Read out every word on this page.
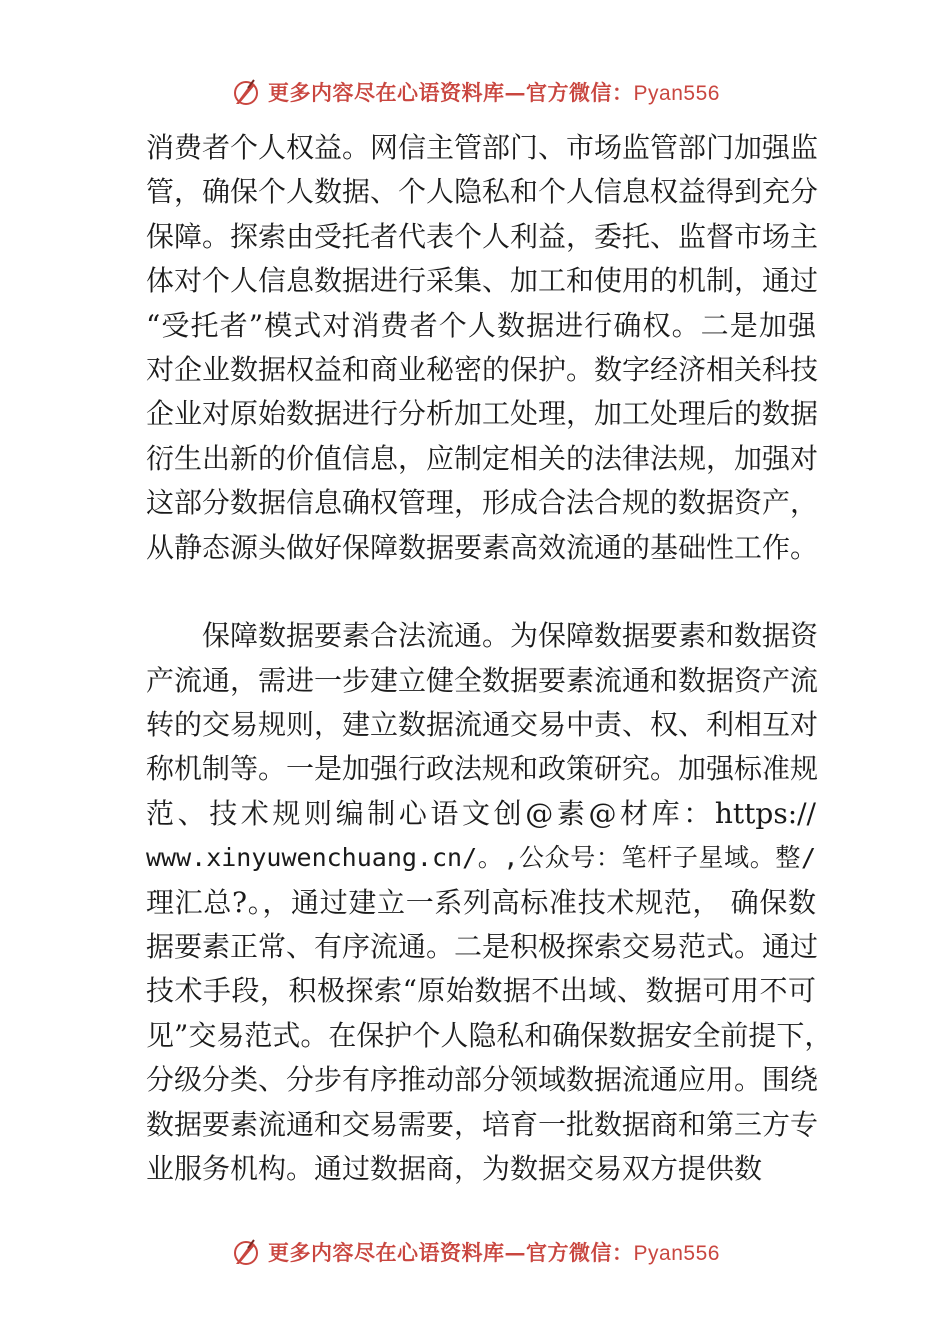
更多内容尽在心语资料库—官方微信：Pyan556
消费者个人权益。网信主管部门、市场监管部门加强监
管，确保个人数据、个人隐私和个人信息权益得到充分
保障。探索由受托者代表个人利益，委托、监督市场主
体对个人信息数据进行采集、加工和使用的机制，通过
“受托者”模式对消费者个人数据进行确权。二是加强
对企业数据权益和商业秘密的保护。数字经济相关科技
企业对原始数据进行分析加工处理，加工处理后的数据
衍生出新的价值信息，应制定相关的法律法规，加强对
这部分数据信息确权管理，形成合法合规的数据资产，
从静态源头做好保障数据要素高效流通的基础性工作。
保障数据要素合法流通。为保障数据要素和数据资
产流通，需进一步建立健全数据要素流通和数据资产流
转的交易规则，建立数据流通交易中责、权、利相互对
称机制等。一是加强行政法规和政策研究。加强标准规
范、技术规则编制心语文创@素@材库：https://
www.xinyuwenchuang.cn/。,公众号：笔杆子星域。整/
理汇总?。，通过建立一系列高标准技术规范， 确保数
据要素正常、有序流通。二是积极探索交易范式。通过
技术手段，积极探索“原始数据不出域、数据可用不可
见”交易范式。在保护个人隐私和确保数据安全前提下，
分级分类、分步有序推动部分领域数据流通应用。围绕
数据要素流通和交易需要，培育一批数据商和第三方专
业服务机构。通过数据商，为数据交易双方提供数
更多内容尽在心语资料库—官方微信：Pyan556
